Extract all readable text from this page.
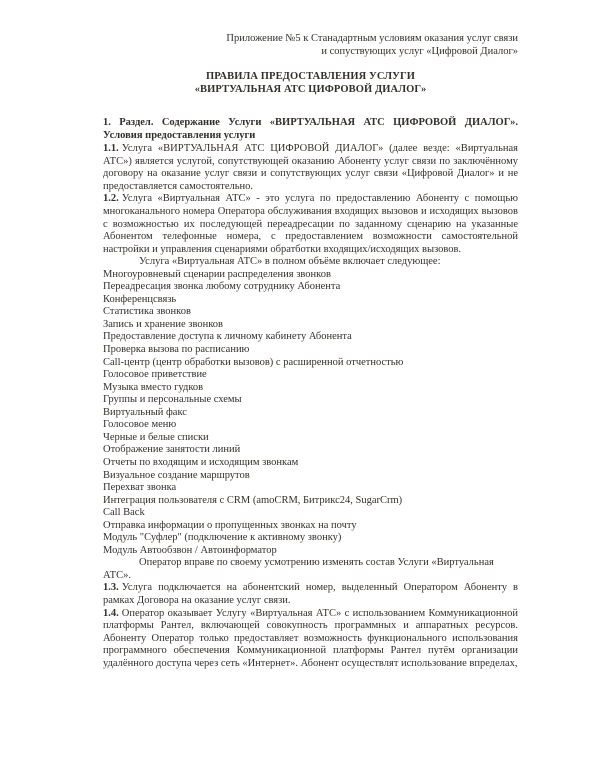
Приложение №5 к Станадартным условиям оказания услуг связи
и сопуствующих услуг «Цифровой Диалог»
ПРАВИЛА ПРЕДОСТАВЛЕНИЯ УСЛУГИ
«ВИРТУАЛЬНАЯ АТС ЦИФРОВОЙ ДИАЛОГ»
1. Раздел. Содержание Услуги «ВИРТУАЛЬНАЯ АТС ЦИФРОВОЙ ДИАЛОГ». Условия предоставления услуги
1.1. Услуга «ВИРТУАЛЬНАЯ АТС ЦИФРОВОЙ ДИАЛОГ» (далее везде: «Виртуальная АТС») является услугой, сопутствующей оказанию Абоненту услуг связи по заключённому договору на оказание услуг связи и сопутствующих услуг связи «Цифровой Диалог» и не предоставляется самостоятельно.
1.2. Услуга «Виртуальная АТС» - это услуга по предоставлению Абоненту с помощью многоканального номера Оператора обслуживания входящих вызовов и исходящих вызовов с возможностью их последующей переадресации по заданному сценарию на указанные Абонентом телефонные номера, с предоставлением возможности самостоятельной настройки и управления сценариями обратботки входящих/исходящих вызовов.
Услуга «Виртуальная АТС» в полном объёме включает следующее:
Многоуровневый сценарии распределения звонков
Переадресация звонка любому сотруднику Абонента
Конференцсвязь
Статистика звонков
Запись и хранение звонков
Предоставление доступа к личному кабинету Абонента
Проверка вызова по расписанию
Call-центр (центр обработки вызовов) с расширенной отчетностью
Голосовое приветствие
Музыка вместо гудков
Группы и персональные схемы
Виртуальный факс
Голосовое меню
Черные и белые списки
Отображение занятости линий
Отчеты по входящим и исходящим звонкам
Визуальное создание маршрутов
Перехват звонка
Интеграция пользователя с CRM (amoCRM, Битрикс24, SugarCrm)
Call Back
Отправка информации о пропущенных звонках на почту
Модуль "Суфлер" (подключение к активному звонку)
Модуль Автообзвон / Автоинформатор
Оператор вправе по своему усмотрению изменять состав Услуги «Виртуальная АТС».
1.3. Услуга подключается на абонентский номер, выделенный Оператором Абоненту в рамках Договора на оказание услуг связи.
1.4. Оператор оказывает Услугу «Виртуальная АТС» с использованием Коммуникационной платформы Рантел, включающей совокупность программных и аппаратных ресурсов. Абоненту Оператор только предоставляет возможность функционального использования программного обеспечения Коммуникационной платформы Рантел путём организации удалённого доступа через сеть «Интернет». Абонент осуществлят использование впределах,
